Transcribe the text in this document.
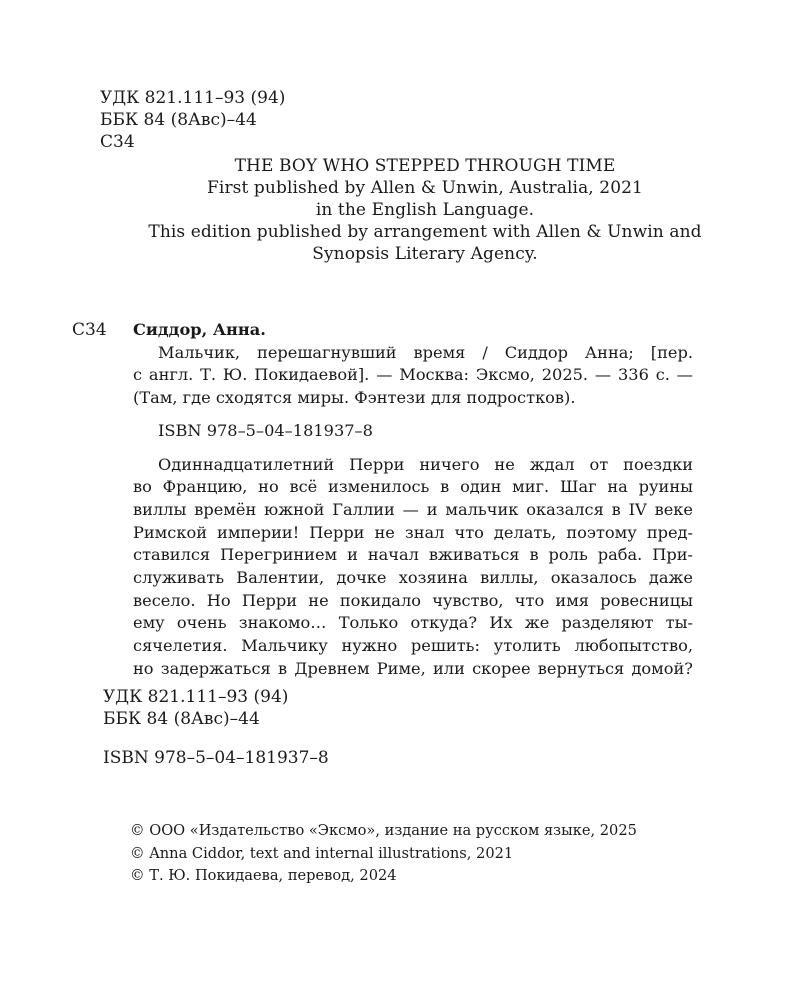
УДК 821.111–93 (94)
ББК 84 (8Авс)–44
С34
THE BOY WHO STEPPED THROUGH TIME
First published by Allen & Unwin, Australia, 2021
in the English Language.
This edition published by arrangement with Allen & Unwin and
Synopsis Literary Agency.
С34 Сиддор, Анна.

Мальчик, перешагнувший время / Сиддор Анна; [пер.
с англ. Т. Ю. Покидаевой]. — Москва: Эксмо, 2025. — 336 с. —
(Там, где сходятся миры. Фэнтези для подростков).

ISBN 978–5–04–181937–8

Одиннадцатилетний Перри ничего не ждал от поездки
во Францию, но всё изменилось в один миг. Шаг на руины
виллы времён южной Галлии — и мальчик оказался в IV веке
Римской империи! Перри не знал что делать, поэтому пред-
ставился Перегринием и начал вживаться в роль раба. При-
служивать Валентии, дочке хозяина виллы, оказалось даже
весело. Но Перри не покидало чувство, что имя ровесницы
ему очень знакомо… Только откуда? Их же разделяют ты-
сячелетия. Мальчику нужно решить: утолить любопытство,
но задержаться в Древнем Риме, или скорее вернуться домой?

УДК 821.111–93 (94)
ББК 84 (8Авс)–44
ISBN 978–5–04–181937–8
© ООО «Издательство «Эксмо», издание на русском языке, 2025
© Anna Ciddor, text and internal illustrations, 2021
© Т. Ю. Покидаева, перевод, 2024
